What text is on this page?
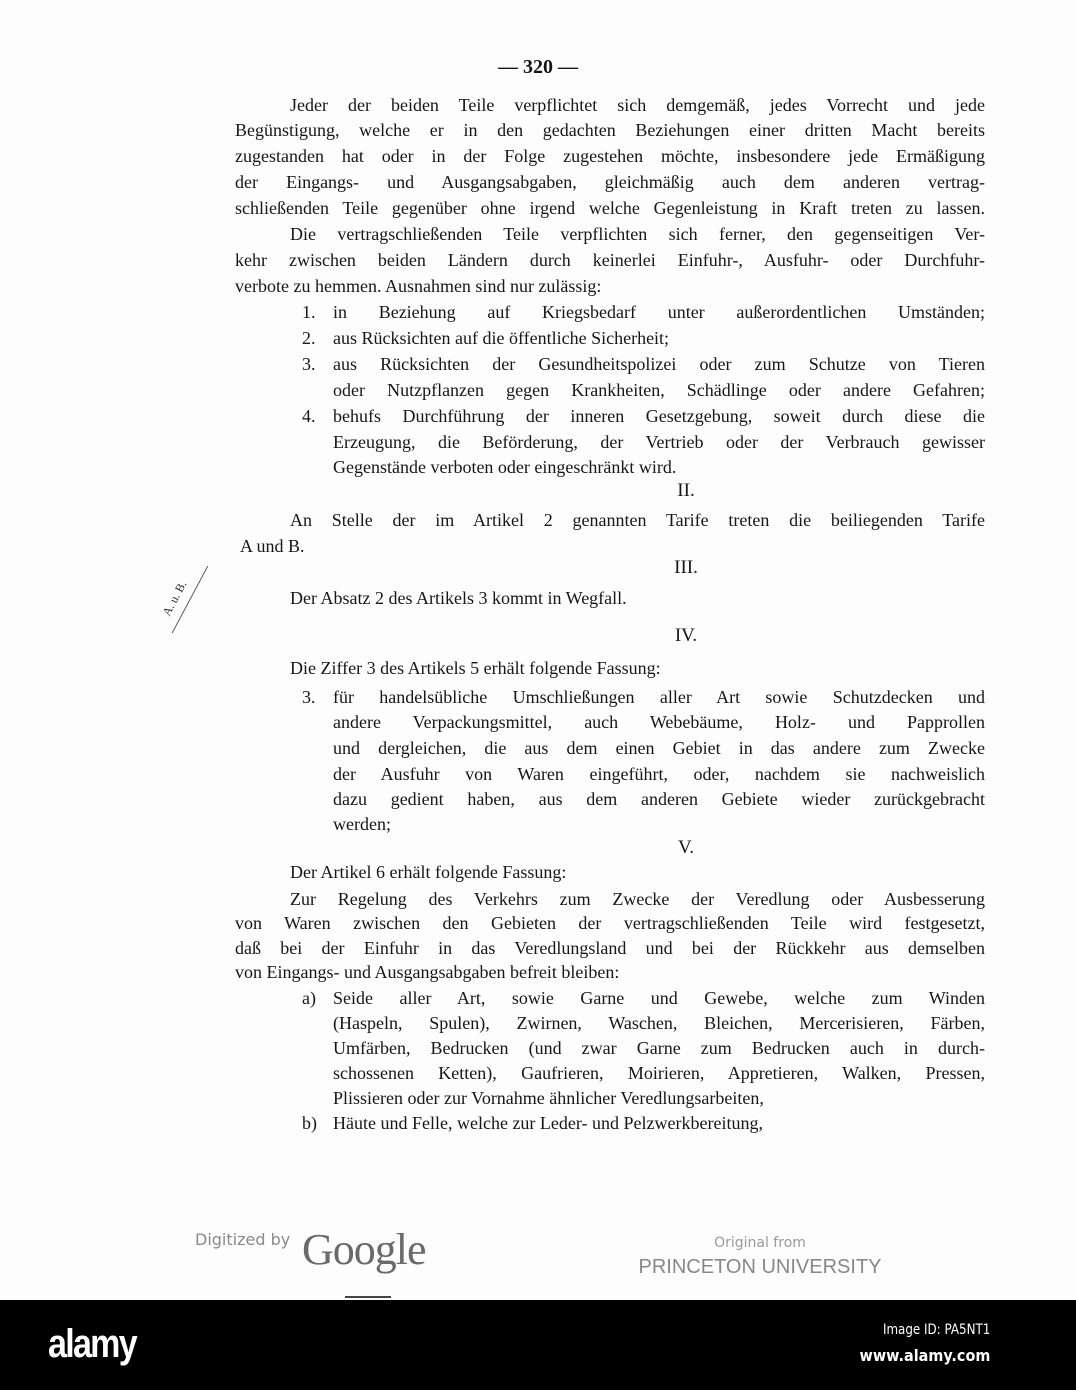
— 320 —
Jeder der beiden Teile verpflichtet sich demgemäß, jedes Vorrecht und jede
Begünstigung, welche er in den gedachten Beziehungen einer dritten Macht bereits
zugestanden hat oder in der Folge zugestehen möchte, insbesondere jede Ermäßigung
der Eingangs- und Ausgangsabgaben, gleichmäßig auch dem anderen vertrag-
schließenden Teile gegenüber ohne irgend welche Gegenleistung in Kraft treten zu lassen.
Die vertragschließenden Teile verpflichten sich ferner, den gegenseitigen Ver-
kehr zwischen beiden Ländern durch keinerlei Einfuhr-, Ausfuhr- oder Durchfuhr-
verbote zu hemmen. Ausnahmen sind nur zulässig:
1. in Beziehung auf Kriegsbedarf unter außerordentlichen Umständen;
2. aus Rücksichten auf die öffentliche Sicherheit;
3. aus Rücksichten der Gesundheitspolizei oder zum Schutze von Tieren
oder Nutzpflanzen gegen Krankheiten, Schädlinge oder andere Gefahren;
4. behufs Durchführung der inneren Gesetzgebung, soweit durch diese die
Erzeugung, die Beförderung, der Vertrieb oder der Verbrauch gewisser
Gegenstände verboten oder eingeschränkt wird.
II.
An Stelle der im Artikel 2 genannten Tarife treten die beiliegenden Tarife
A und B.
III.
Der Absatz 2 des Artikels 3 kommt in Wegfall.
IV.
Die Ziffer 3 des Artikels 5 erhält folgende Fassung:
3. für handelsübliche Umschließungen aller Art sowie Schutzdecken und
andere Verpackungsmittel, auch Webebäume, Holz- und Papprollen
und dergleichen, die aus dem einen Gebiet in das andere zum Zwecke
der Ausfuhr von Waren eingeführt, oder, nachdem sie nachweislich
dazu gedient haben, aus dem anderen Gebiete wieder zurückgebracht
werden;
V.
Der Artikel 6 erhält folgende Fassung:
Zur Regelung des Verkehrs zum Zwecke der Veredlung oder Ausbesserung
von Waren zwischen den Gebieten der vertragschließenden Teile wird festgesetzt,
daß bei der Einfuhr in das Veredlungsland und bei der Rückkehr aus demselben
von Eingangs- und Ausgangsabgaben befreit bleiben:
a) Seide aller Art, sowie Garne und Gewebe, welche zum Winden
(Haspeln, Spulen), Zwirnen, Waschen, Bleichen, Mercerisieren, Färben,
Umfärben, Bedrucken (und zwar Garne zum Bedrucken auch in durch-
schossenen Ketten), Gaufrieren, Moirieren, Appretieren, Walken, Pressen,
Plissieren oder zur Vornahme ähnlicher Veredlungsarbeiten,
b) Häute und Felle, welche zur Leder- und Pelzwerkbereitung,
A. u. B.
Digitized by Google	Original from
PRINCETON UNIVERSITY
alamy	Image ID: PA5NT1
www.alamy.com
